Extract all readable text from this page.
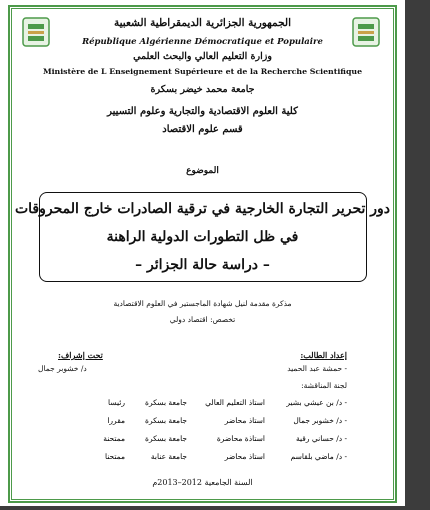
الجمهورية الجزائرية الديمقراطية الشعبية
République Algérienne Démocratique et Populaire
وزارة التعليم العالي والبحث العلمي
Ministère de L Enseignement Supérieure et de la Recherche Scientifique
جامعة محمد خيضر بسكرة
كلية العلوم الاقتصادية والتجارية وعلوم التسيير
قسم علوم الاقتصاد
الموضوع
دور تحرير التجارة الخارجية في ترقية الصادرات خارج المحروقات
في ظل التطورات الدولية الراهنة
– دراسة حالة الجزائر –
مذكرة مقدمة لنيل شهادة الماجستير في العلوم الاقتصادية
تخصص: اقتصاد دولي
إعداد الطالب:
- حمشة عبد الحميد
تحت إشراف:
د/ خشوبر جمال
لجنة المناقشة:
- د/ بن عيشي بشير
استاذ التعليم العالي
جامعة بسكرة
رئيسا
- د/ خشوبر جمال
استاذ محاضر
جامعة بسكرة
مقررا
- د/ حساني رقية
استاذة محاضرة
جامعة بسكرة
ممتحنة
- د/ ماضي بلقاسم
استاذ محاضر
جامعة عنابة
ممتحنا
السنة الجامعية 2012–2013م
